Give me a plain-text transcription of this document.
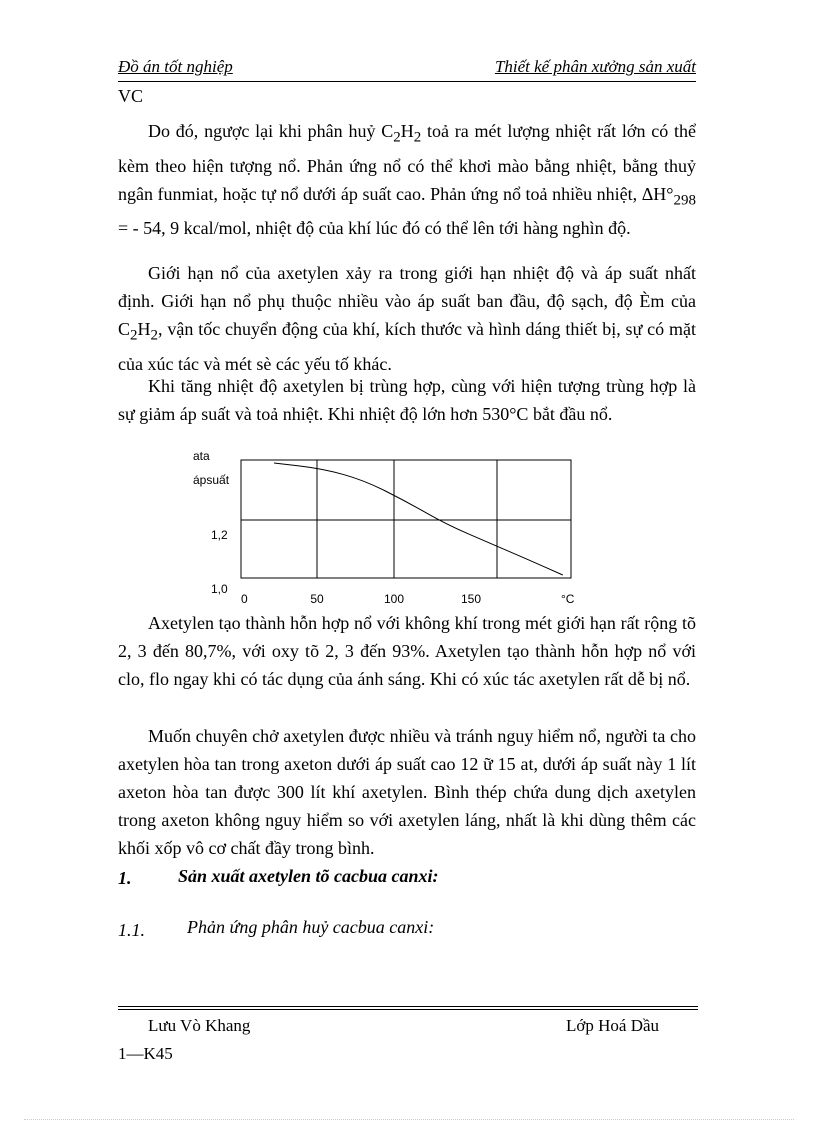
Đồ án tốt nghiệp	Thiết kế phân xưởng sản xuất
VC

Do đó, ngược lại khi phân huỷ $C_2H_2$ toả ra mét lượng nhiệt rất lớn có thể kèm theo hiện tượng nổ. Phản ứng nổ có thể khơi mào bằng nhiệt, bằng thuỷ ngân funmiat, hoặc tự nổ dưới áp suất cao. Phản ứng nổ toả nhiều nhiệt, $\Delta H^\circ_{298}$ = - 54, 9 kcal/mol, nhiệt độ của khí lúc đó có thể lên tới hàng nghìn độ.

Giới hạn nổ của axetylen xảy ra trong giới hạn nhiệt độ và áp suất nhất định. Giới hạn nổ phụ thuộc nhiều vào áp suất ban đầu, độ sạch, độ Èm của $C_2H_2$, vận tốc chuyển động của khí, kích thước và hình dáng thiết bị, sự có mặt của xúc tác và mét sè các yếu tố khác.

Khi tăng nhiệt độ axetylen bị trùng hợp, cùng với hiện tượng trùng hợp là sự giảm áp suất và toả nhiệt. Khi nhiệt độ lớn hơn 530°C bắt đầu nổ.

ata
ápsuất
1,2
1,0
0	50	100	150	°C

Axetylen tạo thành hỗn hợp nổ với không khí trong mét giới hạn rất rộng tõ 2, 3 đến 80,7%, với oxy tõ 2, 3 đến 93%. Axetylen tạo thành hỗn hợp nổ với clo, flo ngay khi có tác dụng của ánh sáng. Khi có xúc tác axetylen rất dễ bị nổ.

Muốn chuyên chở axetylen được nhiều và tránh nguy hiểm nổ, người ta cho axetylen hòa tan trong axeton dưới áp suất cao 12 ữ 15 at, dưới áp suất này 1 lít axeton hòa tan được 300 lít khí axetylen. Bình thép chứa dung dịch axetylen trong axeton không nguy hiểm so với axetylen láng, nhất là khi dùng thêm các khối xốp vô cơ chất đầy trong bình.

1.	Sản xuất axetylen tõ cacbua canxi:
1.1. Phản ứng phân huỷ cacbua canxi:
Lưu Vò Khang	Lớp Hoá Dầu
1—K45
